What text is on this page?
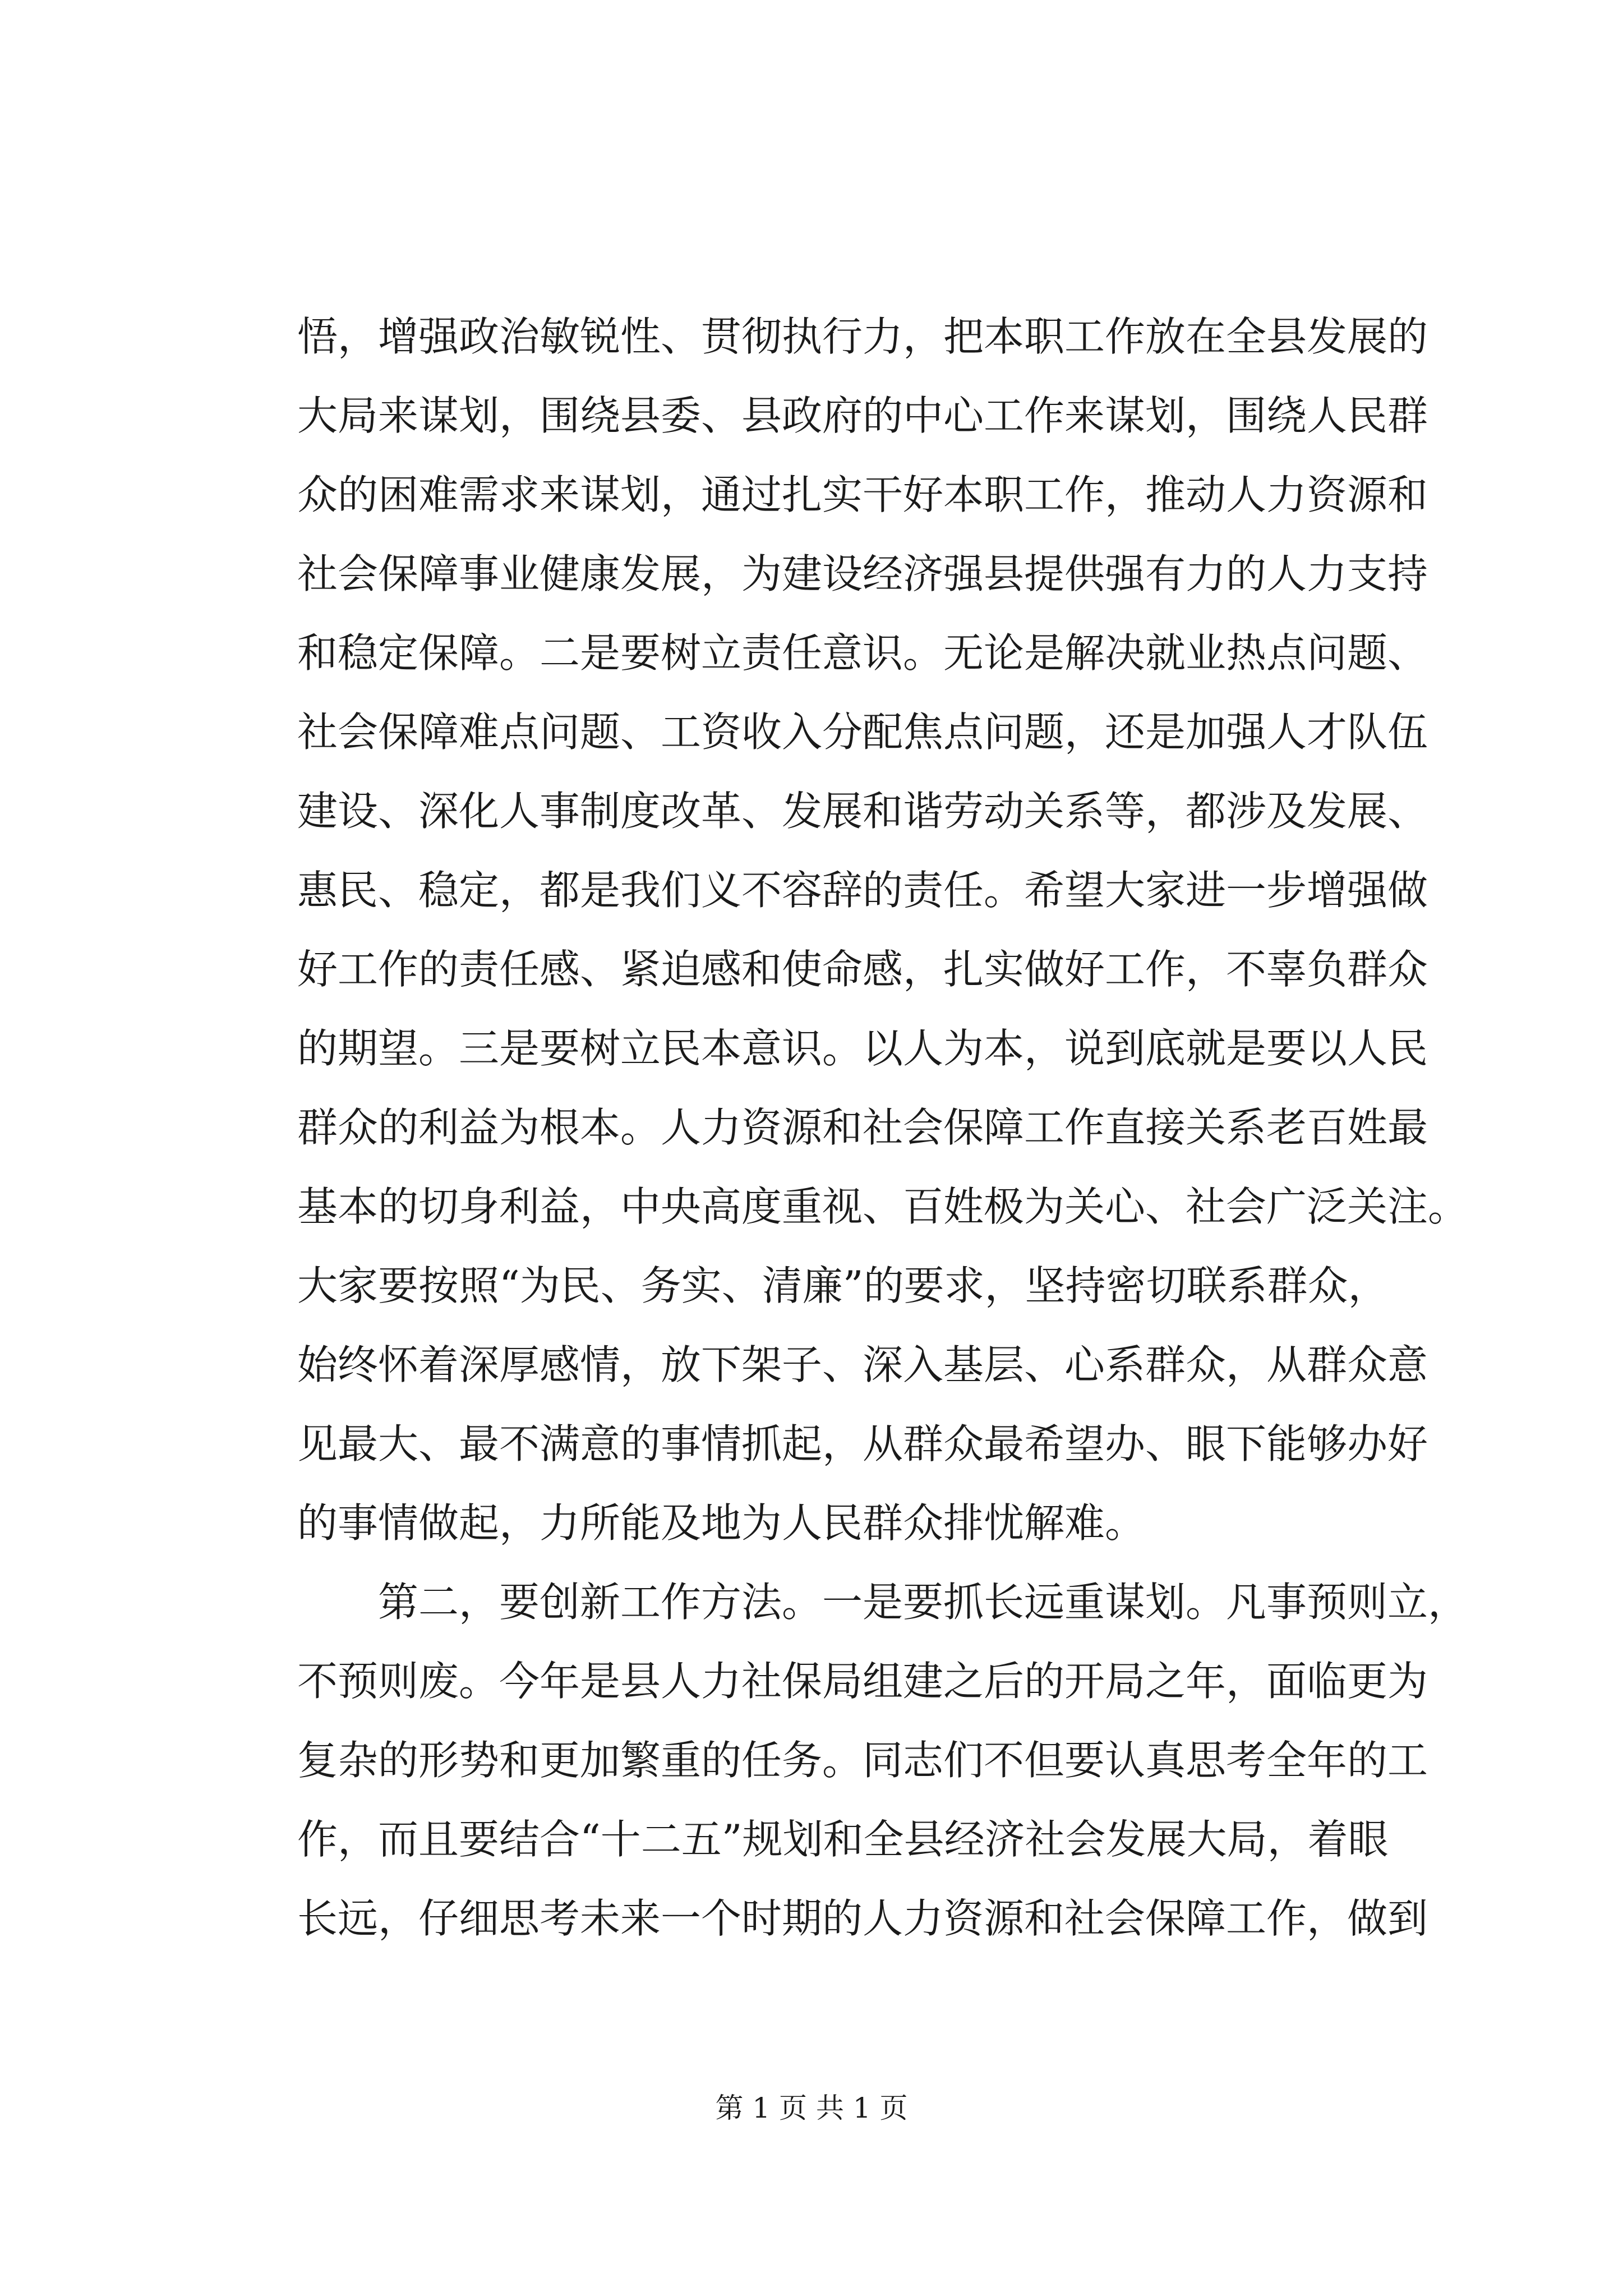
悟，增强政治敏锐性、贯彻执行力，把本职工作放在全县发展的
大局来谋划，围绕县委、县政府的中心工作来谋划，围绕人民群
众的困难需求来谋划，通过扎实干好本职工作，推动人力资源和
社会保障事业健康发展，为建设经济强县提供强有力的人力支持
和稳定保障。二是要树立责任意识。无论是解决就业热点问题、
社会保障难点问题、工资收入分配焦点问题，还是加强人才队伍
建设、深化人事制度改革、发展和谐劳动关系等，都涉及发展、
惠民、稳定，都是我们义不容辞的责任。希望大家进一步增强做
好工作的责任感、紧迫感和使命感，扎实做好工作，不辜负群众
的期望。三是要树立民本意识。以人为本，说到底就是要以人民
群众的利益为根本。人力资源和社会保障工作直接关系老百姓最
基本的切身利益，中央高度重视、百姓极为关心、社会广泛关注。
大家要按照“为民、务实、清廉”的要求，坚持密切联系群众，
始终怀着深厚感情，放下架子、深入基层、心系群众，从群众意
见最大、最不满意的事情抓起，从群众最希望办、眼下能够办好
的事情做起，力所能及地为人民群众排忧解难。
第二，要创新工作方法。一是要抓长远重谋划。凡事预则立，
不预则废。今年是县人力社保局组建之后的开局之年，面临更为
复杂的形势和更加繁重的任务。同志们不但要认真思考全年的工
作，而且要结合“十二五”规划和全县经济社会发展大局，着眼
长远，仔细思考未来一个时期的人力资源和社会保障工作，做到
第 1 页 共 1 页
